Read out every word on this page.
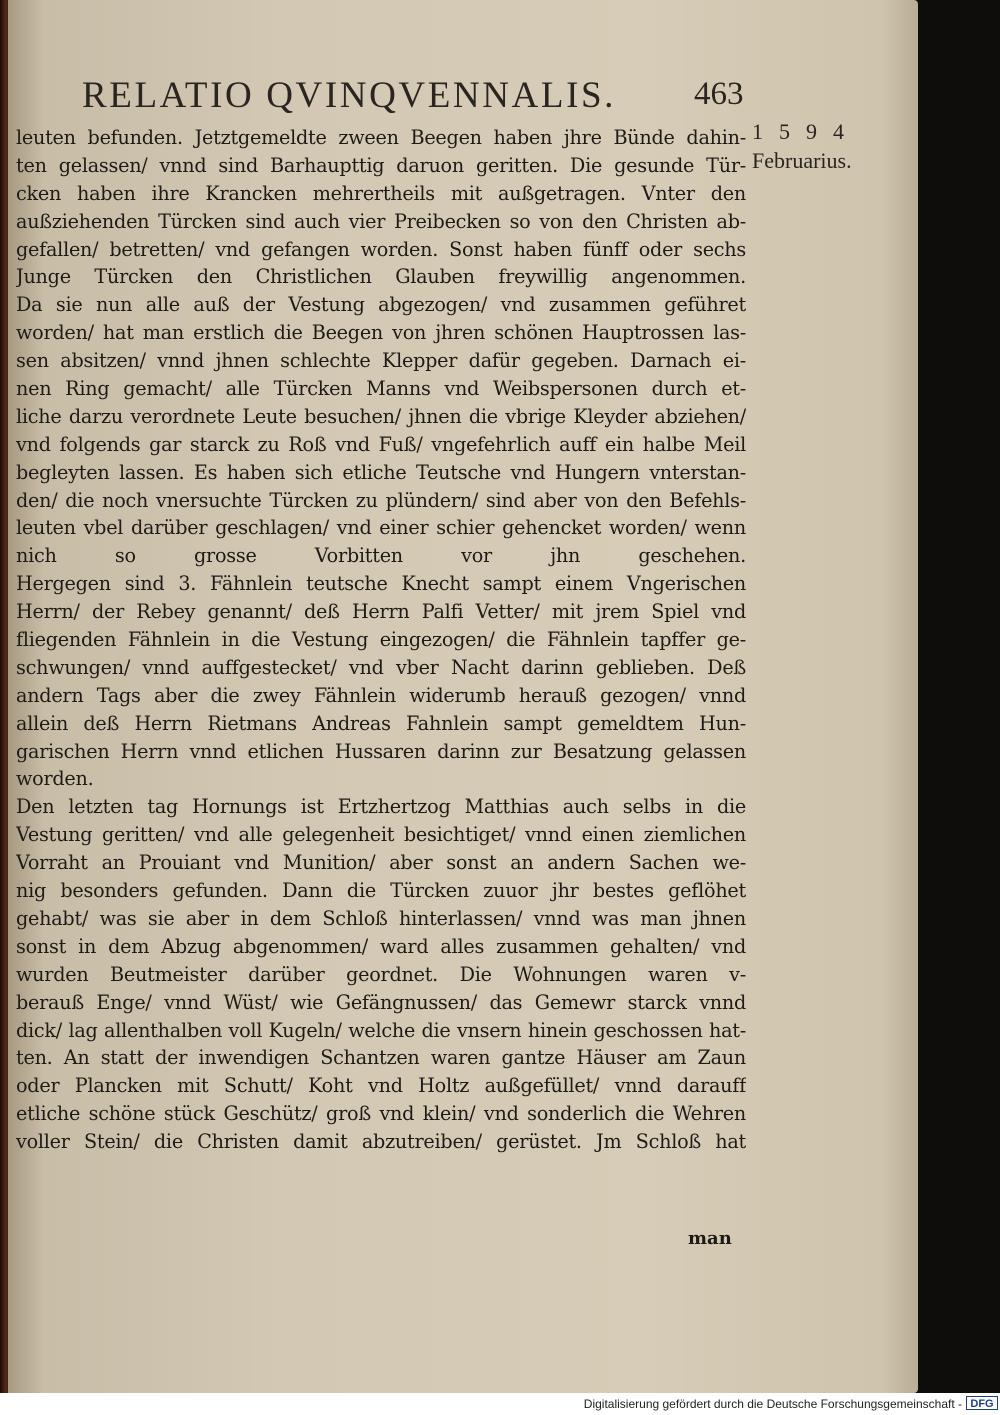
RELATIO QVINQVENNALIS.	463
1594
Februarius.
leuten befunden. Jetztgemeldte zween Beegen haben jhre Bünde dahin-
ten gelassen/ vnnd sind Barhaupttig daruon geritten. Die gesunde Tür-
cken haben ihre Krancken mehrertheils mit außgetragen. Vnter den
außziehenden Türcken sind auch vier Preibecken so von den Christen ab-
gefallen/ betretten/ vnd gefangen worden. Sonst haben fünff oder sechs
Junge Türcken den Christlichen Glauben freywillig angenommen.
Da sie nun alle auß der Vestung abgezogen/ vnd zusammen geführet
worden/ hat man erstlich die Beegen von jhren schönen Hauptrossen las-
sen absitzen/ vnnd jhnen schlechte Klepper dafür gegeben. Darnach ei-
nen Ring gemacht/ alle Türcken Manns vnd Weibspersonen durch et-
liche darzu verordnete Leute besuchen/ jhnen die vbrige Kleyder abziehen/
vnd folgends gar starck zu Roß vnd Fuß/ vngefehrlich auff ein halbe Meil
begleyten lassen. Es haben sich etliche Teutsche vnd Hungern vnterstan-
den/ die noch vnersuchte Türcken zu plündern/ sind aber von den Befehls-
leuten vbel darüber geschlagen/ vnd einer schier gehencket worden/ wenn
nich so grosse Vorbitten vor jhn geschehen.
Hergegen sind 3. Fähnlein teutsche Knecht sampt einem Vngerischen
Herrn/ der Rebey genannt/ deß Herrn Palfi Vetter/ mit jrem Spiel vnd
fliegenden Fähnlein in die Vestung eingezogen/ die Fähnlein tapffer ge-
schwungen/ vnnd auffgestecket/ vnd vber Nacht darinn geblieben. Deß
andern Tags aber die zwey Fähnlein widerumb herauß gezogen/ vnnd
allein deß Herrn Rietmans Andreas Fahnlein sampt gemeldtem Hun-
garischen Herrn vnnd etlichen Hussaren darinn zur Besatzung gelassen
worden.
Den letzten tag Hornungs ist Ertzhertzog Matthias auch selbs in die
Vestung geritten/ vnd alle gelegenheit besichtiget/ vnnd einen ziemlichen
Vorraht an Prouiant vnd Munition/ aber sonst an andern Sachen we-
nig besonders gefunden. Dann die Türcken zuuor jhr bestes geflöhet
gehabt/ was sie aber in dem Schloß hinterlassen/ vnnd was man jhnen
sonst in dem Abzug abgenommen/ ward alles zusammen gehalten/ vnd
wurden Beutmeister darüber geordnet. Die Wohnungen waren v-
berauß Enge/ vnnd Wüst/ wie Gefängnussen/ das Gemewr starck vnnd
dick/ lag allenthalben voll Kugeln/ welche die vnsern hinein geschossen hat-
ten. An statt der inwendigen Schantzen waren gantze Häuser am Zaun
oder Plancken mit Schutt/ Koht vnd Holtz außgefüllet/ vnnd darauff
etliche schöne stück Geschütz/ groß vnd klein/ vnd sonderlich die Wehren
voller Stein/ die Christen damit abzutreiben/ gerüstet. Jm Schloß hat
man
Digitalisierung gefördert durch die Deutsche Forschungsgemeinschaft - DFG
